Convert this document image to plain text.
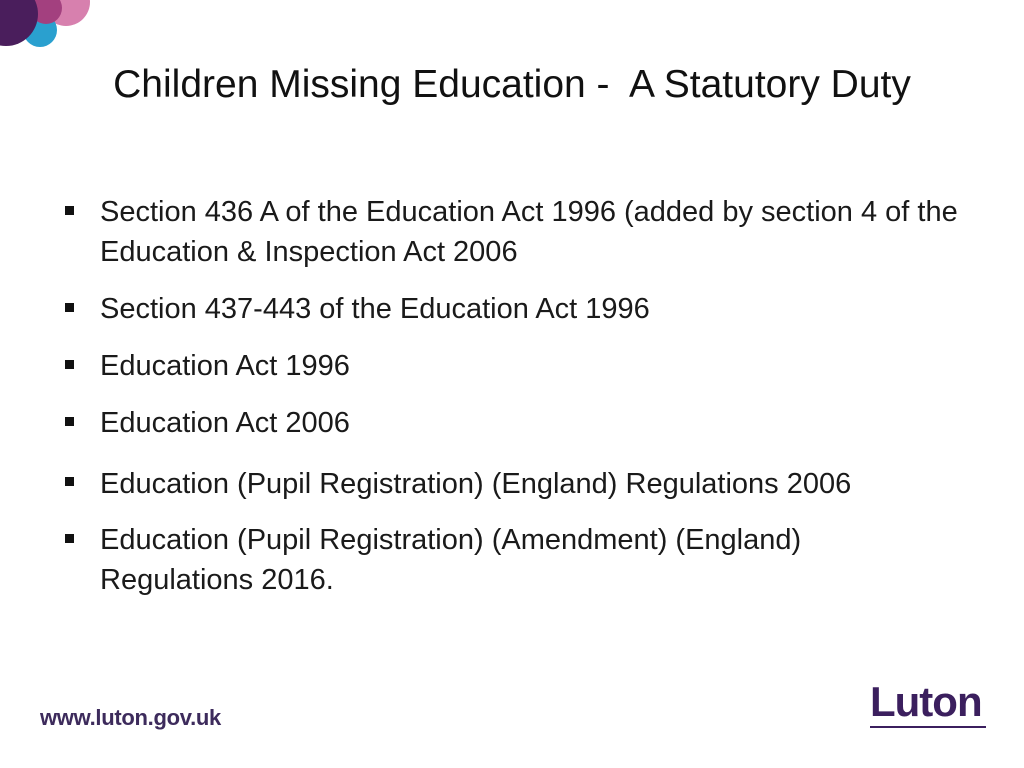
Children Missing Education -  A Statutory Duty
Section 436 A of the Education Act 1996 (added by section 4 of the Education & Inspection Act 2006
Section 437-443 of the Education Act 1996
Education Act 1996
Education Act 2006
Education (Pupil Registration) (England) Regulations 2006
Education (Pupil Registration) (Amendment) (England) Regulations 2016.
www.luton.gov.uk	Luton
